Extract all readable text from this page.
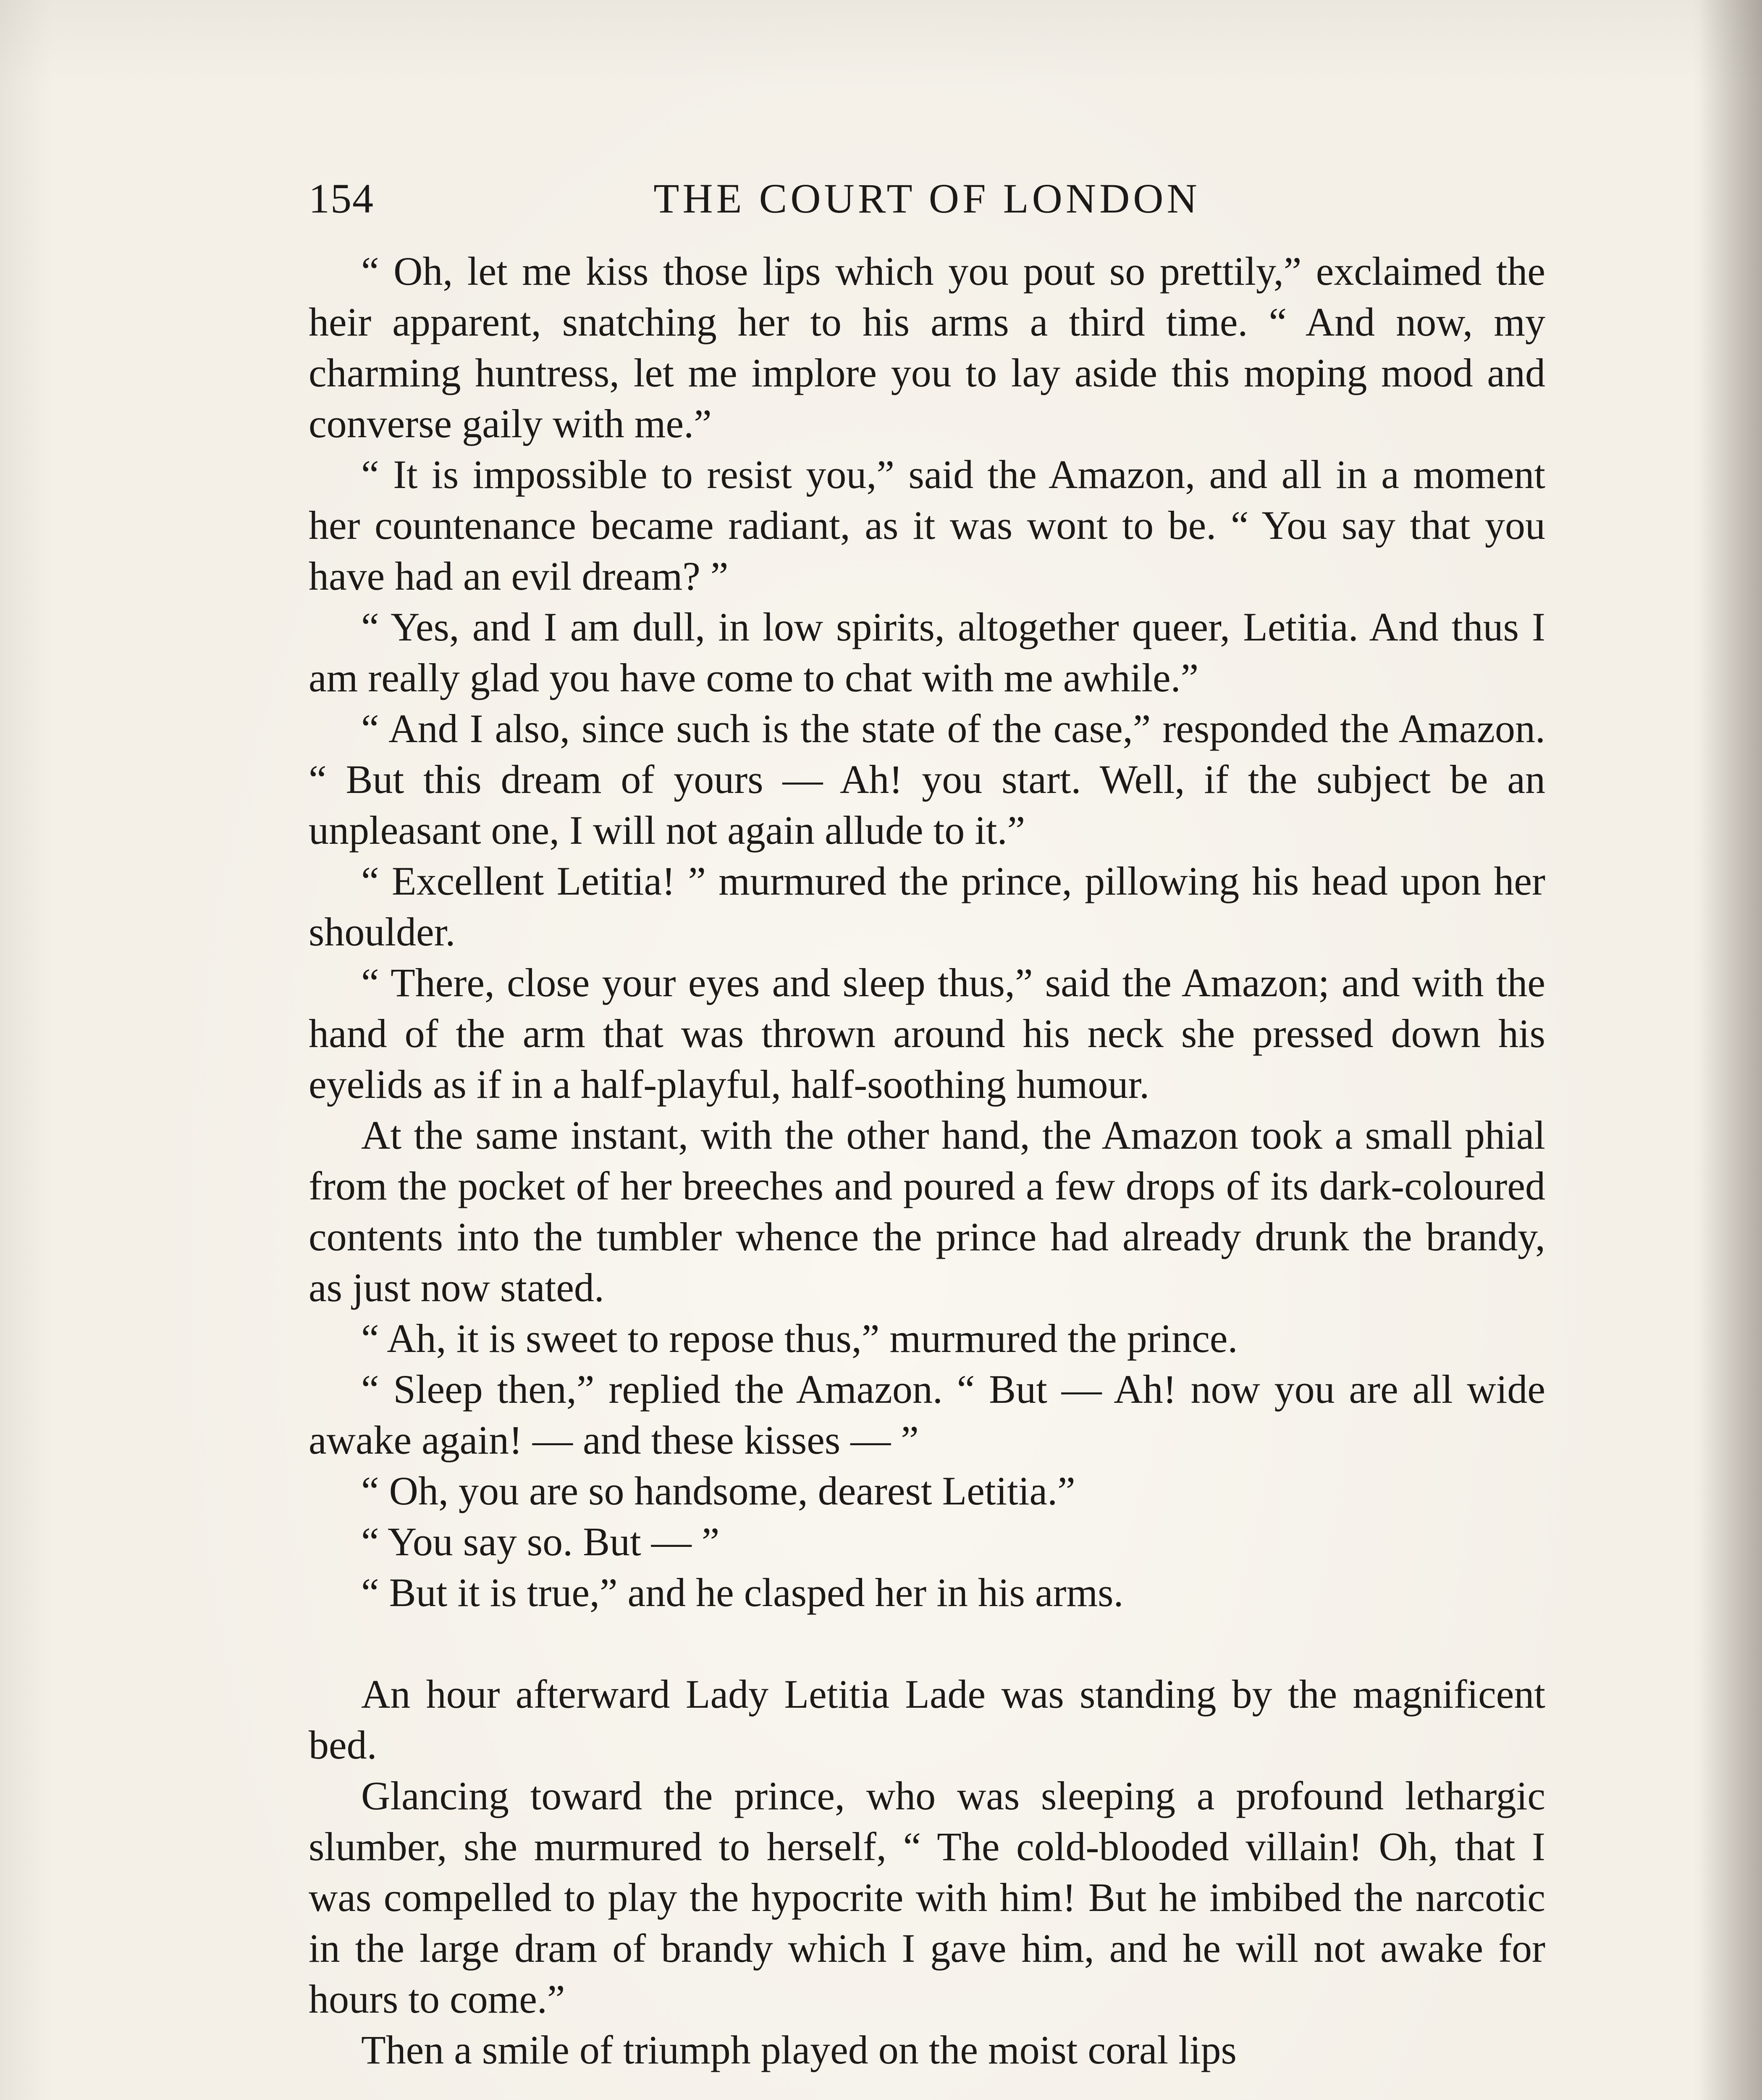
154	THE COURT OF LONDON

“ Oh, let me kiss those lips which you pout so prettily,” exclaimed the heir apparent, snatching her to his arms a third time. “ And now, my charming huntress, let me implore you to lay aside this moping mood and converse gaily with me.”

“ It is impossible to resist you,” said the Amazon, and all in a moment her countenance became radiant, as it was wont to be. “ You say that you have had an evil dream? ”

“ Yes, and I am dull, in low spirits, altogether queer, Letitia. And thus I am really glad you have come to chat with me awhile.”

“ And I also, since such is the state of the case,” responded the Amazon. “ But this dream of yours — Ah! you start. Well, if the subject be an unpleasant one, I will not again allude to it.”

“ Excellent Letitia! ” murmured the prince, pillowing his head upon her shoulder.

“ There, close your eyes and sleep thus,” said the Amazon; and with the hand of the arm that was thrown around his neck she pressed down his eyelids as if in a half-playful, half-soothing humour.

At the same instant, with the other hand, the Amazon took a small phial from the pocket of her breeches and poured a few drops of its dark-coloured contents into the tumbler whence the prince had already drunk the brandy, as just now stated.

“ Ah, it is sweet to repose thus,” murmured the prince.

“ Sleep then,” replied the Amazon. “ But — Ah! now you are all wide awake again! — and these kisses — ”

“ Oh, you are so handsome, dearest Letitia.”

“ You say so. But — ”

“ But it is true,” and he clasped her in his arms.

An hour afterward Lady Letitia Lade was standing by the magnificent bed.

Glancing toward the prince, who was sleeping a profound lethargic slumber, she murmured to herself, “ The cold-blooded villain! Oh, that I was compelled to play the hypocrite with him! But he imbibed the narcotic in the large dram of brandy which I gave him, and he will not awake for hours to come.”

Then a smile of triumph played on the moist coral lips
